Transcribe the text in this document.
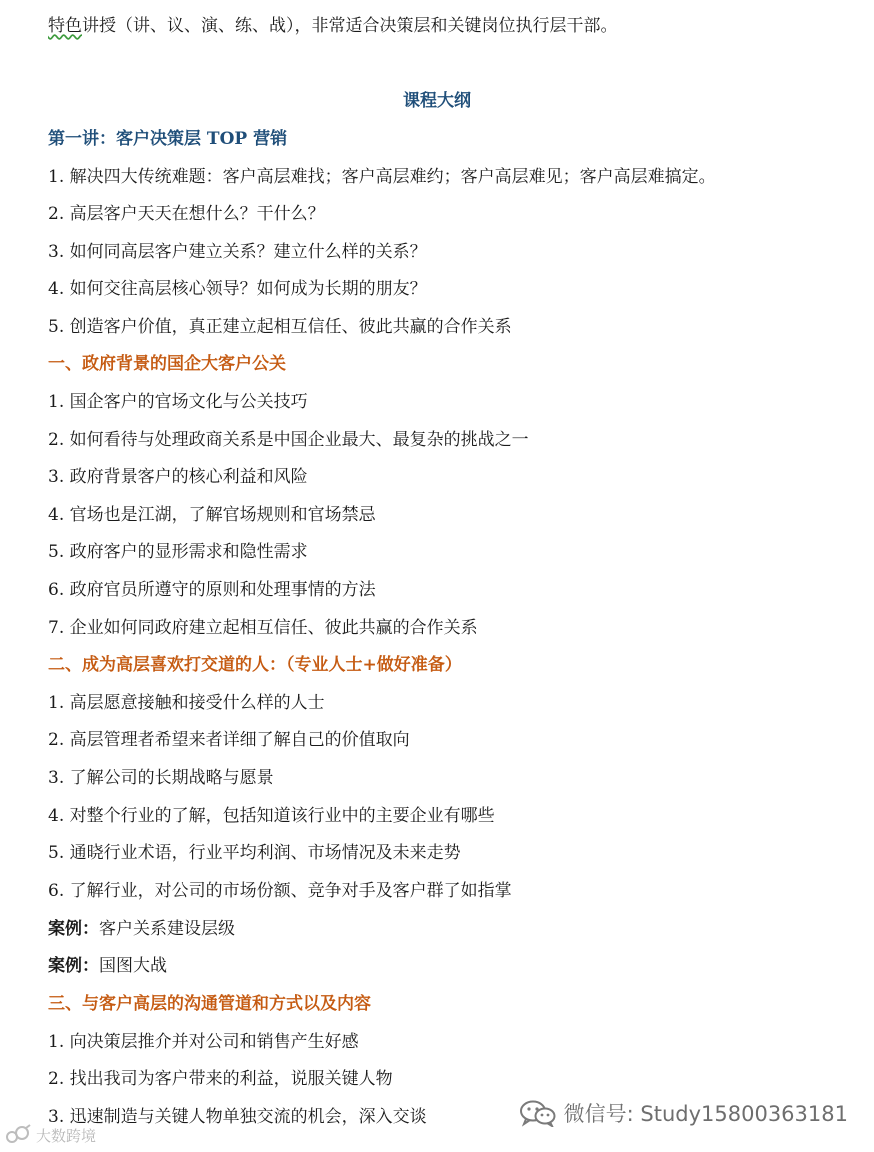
特色讲授（讲、议、演、练、战），非常适合决策层和关键岗位执行层干部。
课程大纲
第一讲：客户决策层 TOP 营销
1. 解决四大传统难题：客户高层难找；客户高层难约；客户高层难见；客户高层难搞定。
2. 高层客户天天在想什么？干什么？
3. 如何同高层客户建立关系？建立什么样的关系？
4. 如何交往高层核心领导？如何成为长期的朋友？
5. 创造客户价值，真正建立起相互信任、彼此共赢的合作关系
一、政府背景的国企大客户公关
1. 国企客户的官场文化与公关技巧
2. 如何看待与处理政商关系是中国企业最大、最复杂的挑战之一
3. 政府背景客户的核心利益和风险
4. 官场也是江湖，了解官场规则和官场禁忌
5. 政府客户的显形需求和隐性需求
6. 政府官员所遵守的原则和处理事情的方法
7. 企业如何同政府建立起相互信任、彼此共赢的合作关系
二、成为高层喜欢打交道的人：（专业人士+做好准备）
1. 高层愿意接触和接受什么样的人士
2. 高层管理者希望来者详细了解自己的价值取向
3. 了解公司的长期战略与愿景
4. 对整个行业的了解，包括知道该行业中的主要企业有哪些
5. 通晓行业术语，行业平均利润、市场情况及未来走势
6. 了解行业，对公司的市场份额、竞争对手及客户群了如指掌
案例：客户关系建设层级
案例：国图大战
三、与客户高层的沟通管道和方式以及内容
1. 向决策层推介并对公司和销售产生好感
2. 找出我司为客户带来的利益，说服关键人物
3. 迅速制造与关键人物单独交流的机会，深入交谈	微信号: Study15800363181
大数跨境
